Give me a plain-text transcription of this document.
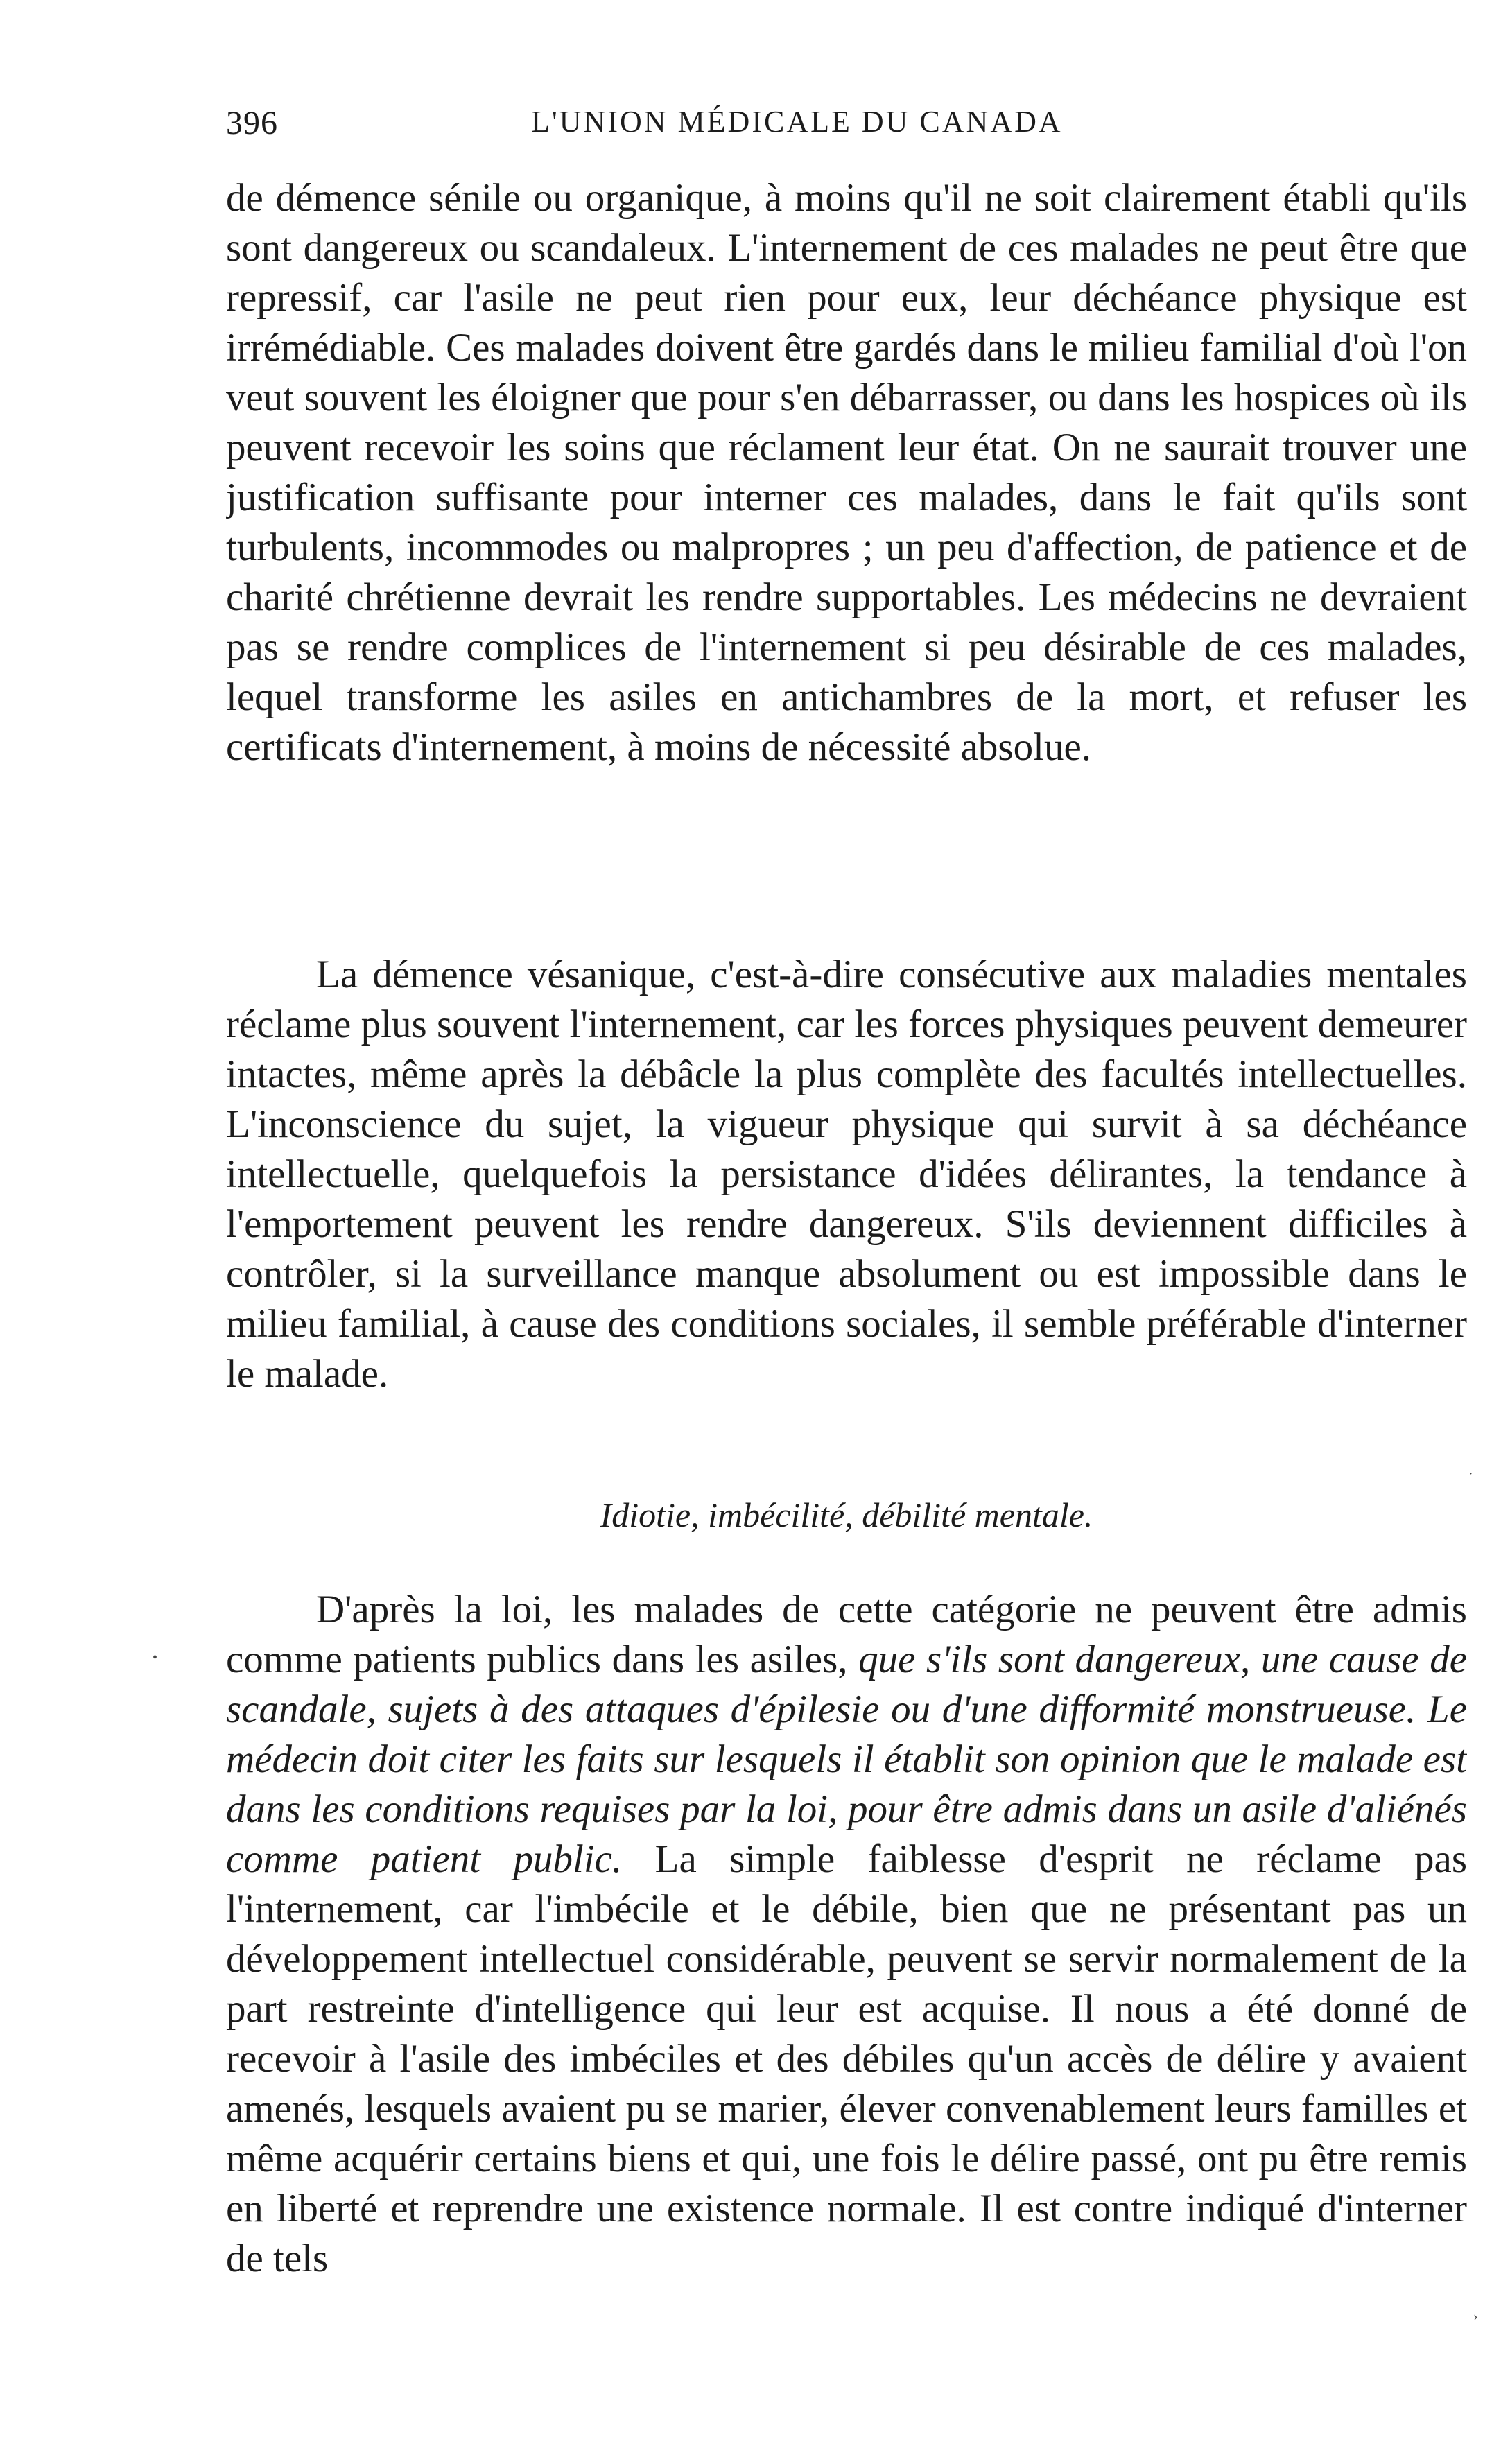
396	L'UNION MÉDICALE DU CANADA

de démence sénile ou organique, à moins qu'il ne soit clairement établi qu'ils sont dangereux ou scandaleux. L'internement de ces malades ne peut être que repressif, car l'asile ne peut rien pour eux, leur déchéance physique est irrémédiable. Ces malades doivent être gardés dans le milieu familial d'où l'on veut souvent les éloigner que pour s'en débarrasser, ou dans les hospices où ils peuvent recevoir les soins que réclament leur état. On ne saurait trouver une justification suffisante pour interner ces malades, dans le fait qu'ils sont turbulents, incommodes ou malpropres ; un peu d'affection, de patience et de charité chrétienne devrait les rendre supportables. Les médecins ne devraient pas se rendre complices de l'internement si peu désirable de ces malades, lequel transforme les asiles en antichambres de la mort, et refuser les certificats d'internement, à moins de nécessité absolue.

La démence vésanique, c'est-à-dire consécutive aux maladies mentales réclame plus souvent l'internement, car les forces physiques peuvent demeurer intactes, même après la débâcle la plus complète des facultés intellectuelles. L'inconscience du sujet, la vigueur physique qui survit à sa déchéance intellectuelle, quelquefois la persistance d'idées délirantes, la tendance à l'emportement peuvent les rendre dangereux. S'ils deviennent difficiles à contrôler, si la surveillance manque absolument ou est impossible dans le milieu familial, à cause des conditions sociales, il semble préférable d'interner le malade.

Idiotie, imbécilité, débilité mentale.

D'après la loi, les malades de cette catégorie ne peuvent être admis comme patients publics dans les asiles, que s'ils sont dangereux, une cause de scandale, sujets à des attaques d'épilesie ou d'une difformité monstrueuse. Le médecin doit citer les faits sur lesquels il établit son opinion que le malade est dans les conditions requises par la loi, pour être admis dans un asile d'aliénés comme patient public. La simple faiblesse d'esprit ne réclame pas l'internement, car l'imbécile et le débile, bien que ne présentant pas un développement intellectuel considérable, peuvent se servir normalement de la part restreinte d'intelligence qui leur est acquise. Il nous a été donné de recevoir à l'asile des imbéciles et des débiles qu'un accès de délire y avaient amenés, lesquels avaient pu se marier, élever convenablement leurs familles et même acquérir certains biens et qui, une fois le délire passé, ont pu être remis en liberté et reprendre une existence normale. Il est contre indiqué d'interner de tels

•
·
›
